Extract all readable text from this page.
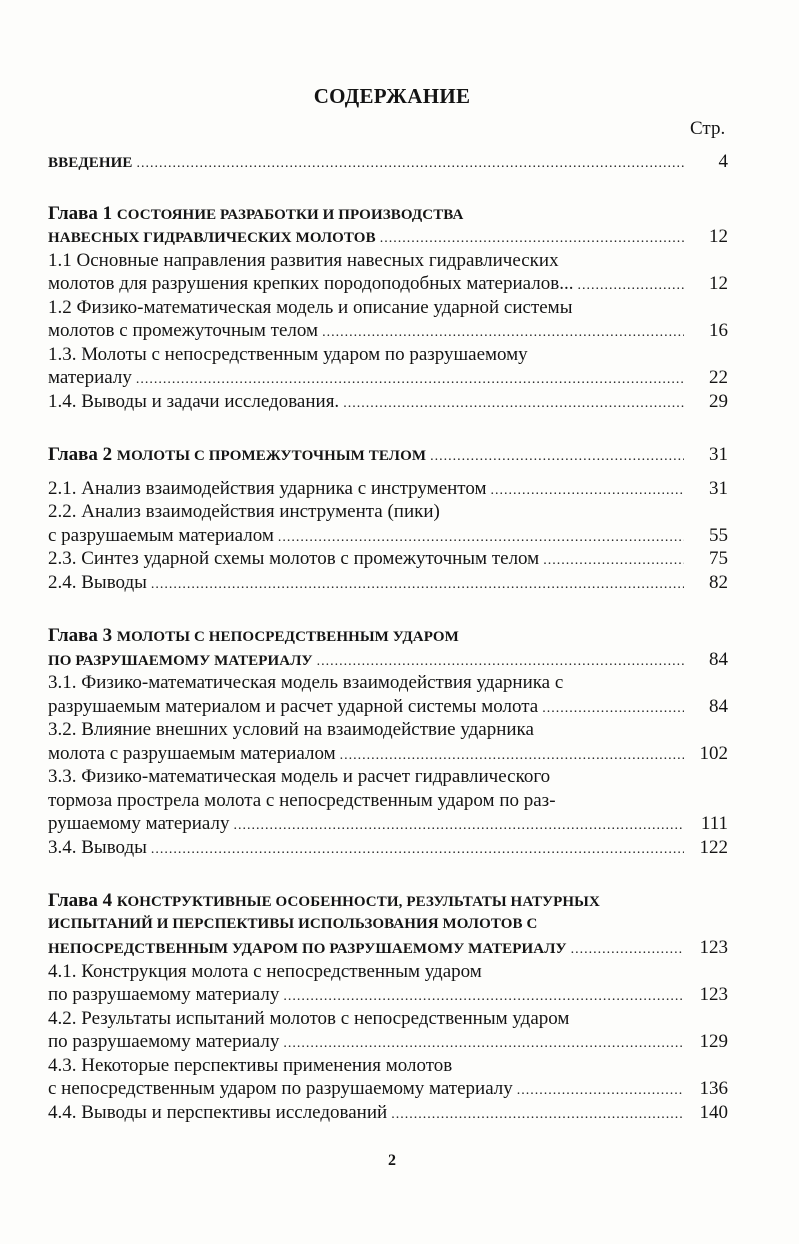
СОДЕРЖАНИЕ
Стр.
ВВЕДЕНИЕ .....	4
Глава 1 СОСТОЯНИЕ РАЗРАБОТКИ И ПРОИЗВОДСТВА
НАВЕСНЫХ ГИДРАВЛИЧЕСКИХ МОЛОТОВ .....	12
1.1 Основные направления развития навесных гидравлических
молотов для разрушения крепких породоподобных материалов... .....	12
1.2 Физико-математическая модель и описание ударной системы
молотов с промежуточным телом .....	16
1.3. Молоты с непосредственным ударом по разрушаемому
материалу .....	22
1.4. Выводы и задачи исследования. .....	29
Глава 2 МОЛОТЫ С ПРОМЕЖУТОЧНЫМ ТЕЛОМ .....	31
2.1. Анализ взаимодействия ударника с инструментом .....	31
2.2. Анализ взаимодействия инструмента (пики)
с разрушаемым материалом .....	55
2.3. Синтез ударной схемы молотов с промежуточным телом .....	75
2.4. Выводы .....	82
Глава 3 МОЛОТЫ С НЕПОСРЕДСТВЕННЫМ УДАРОМ
ПО РАЗРУШАЕМОМУ МАТЕРИАЛУ .....	84
3.1. Физико-математическая модель взаимодействия ударника с
разрушаемым материалом и расчет ударной системы молота .....	84
3.2. Влияние внешних условий на взаимодействие ударника
молота с разрушаемым материалом .....	102
3.3. Физико-математическая модель и расчет гидравлического
тормоза прострела молота с непосредственным ударом по раз-
рушаемому материалу .....	111
3.4. Выводы .....	122
Глава 4 КОНСТРУКТИВНЫЕ ОСОБЕННОСТИ, РЕЗУЛЬТАТЫ НАТУРНЫХ
ИСПЫТАНИЙ И ПЕРСПЕКТИВЫ ИСПОЛЬЗОВАНИЯ МОЛОТОВ С
НЕПОСРЕДСТВЕННЫМ УДАРОМ ПО РАЗРУШАЕМОМУ МАТЕРИАЛУ .....	123
4.1. Конструкция молота с непосредственным ударом
по разрушаемому материалу .....	123
4.2. Результаты испытаний молотов с непосредственным ударом
по разрушаемому материалу .....	129
4.3. Некоторые перспективы применения молотов
с непосредственным ударом по разрушаемому материалу .....	136
4.4. Выводы и перспективы исследований .....	140
2
